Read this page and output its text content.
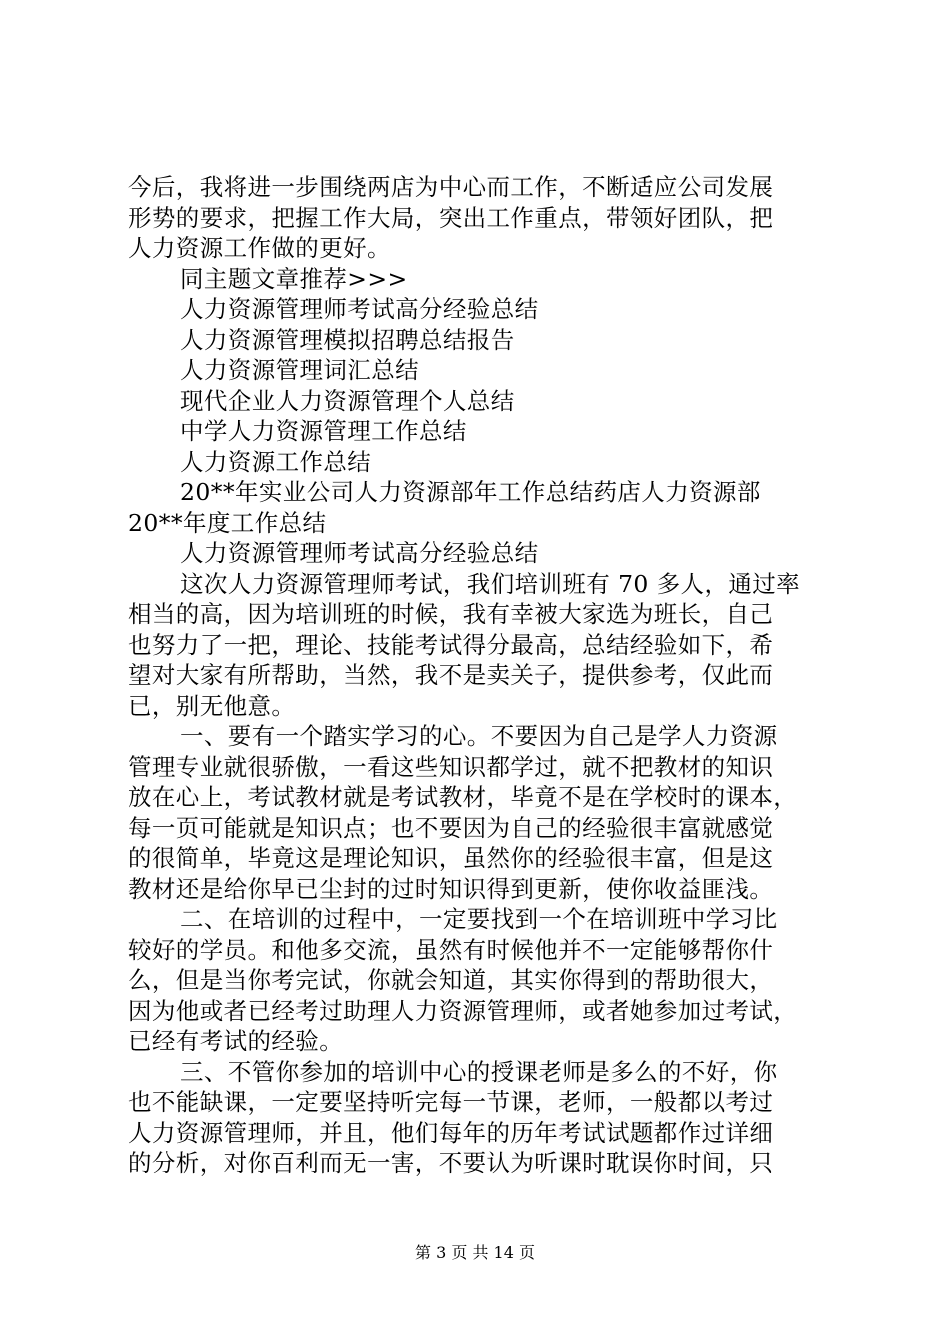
今后，我将进一步围绕两店为中心而工作，不断适应公司发展
形势的要求，把握工作大局，突出工作重点，带领好团队，把
人力资源工作做的更好。
同主题文章推荐>>>
人力资源管理师考试高分经验总结
人力资源管理模拟招聘总结报告
人力资源管理词汇总结
现代企业人力资源管理个人总结
中学人力资源管理工作总结
人力资源工作总结
20**年实业公司人力资源部年工作总结药店人力资源部
20**年度工作总结
人力资源管理师考试高分经验总结
这次人力资源管理师考试，我们培训班有 70 多人，通过率
相当的高，因为培训班的时候，我有幸被大家选为班长，自己
也努力了一把，理论、技能考试得分最高，总结经验如下，希
望对大家有所帮助，当然，我不是卖关子，提供参考，仅此而
已，别无他意。
一、要有一个踏实学习的心。不要因为自己是学人力资源
管理专业就很骄傲，一看这些知识都学过，就不把教材的知识
放在心上，考试教材就是考试教材，毕竟不是在学校时的课本，
每一页可能就是知识点；也不要因为自己的经验很丰富就感觉
的很简单，毕竟这是理论知识，虽然你的经验很丰富，但是这
教材还是给你早已尘封的过时知识得到更新，使你收益匪浅。
二、在培训的过程中，一定要找到一个在培训班中学习比
较好的学员。和他多交流，虽然有时候他并不一定能够帮你什
么，但是当你考完试，你就会知道，其实你得到的帮助很大，
因为他或者已经考过助理人力资源管理师，或者她参加过考试，
已经有考试的经验。
三、不管你参加的培训中心的授课老师是多么的不好，你
也不能缺课，一定要坚持听完每一节课，老师，一般都以考过
人力资源管理师，并且，他们每年的历年考试试题都作过详细
的分析，对你百利而无一害，不要认为听课时耽误你时间，只
第 3 页 共 14 页
